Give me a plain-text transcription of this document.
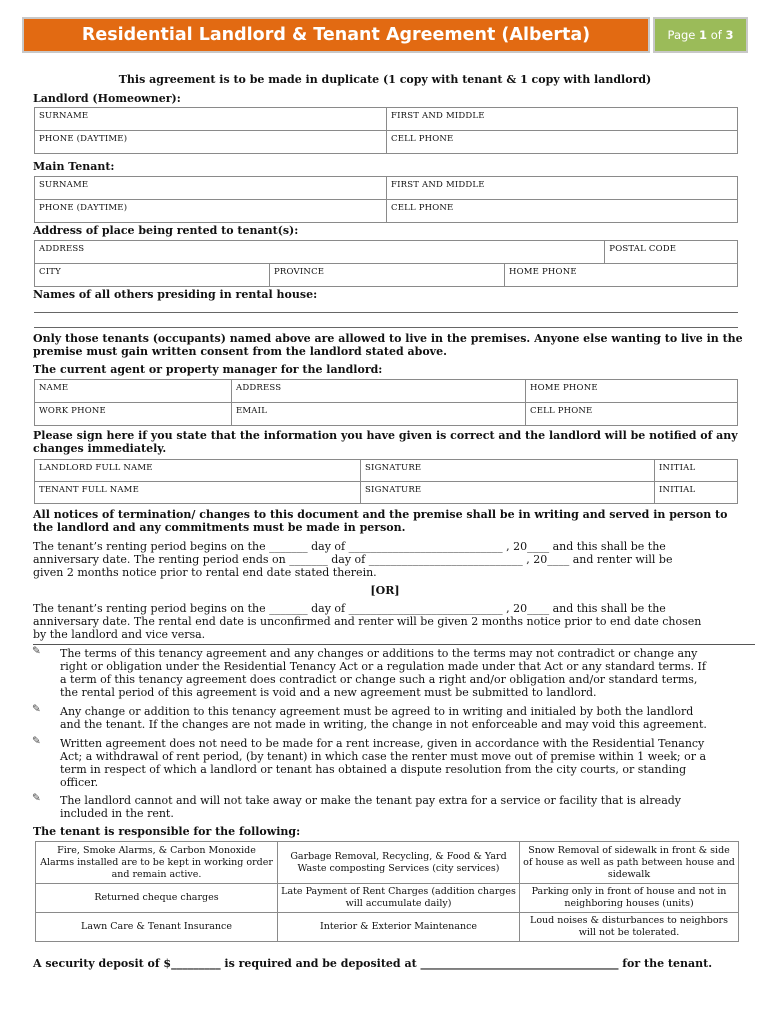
Residential Landlord & Tenant Agreement (Alberta)	Page 1 of 3
This agreement is to be made in duplicate (1 copy with tenant & 1 copy with landlord)
Landlord (Homeowner):
SURNAME	FIRST AND MIDDLE
PHONE (DAYTIME)	CELL PHONE
Main Tenant:
SURNAME	FIRST AND MIDDLE
PHONE (DAYTIME)	CELL PHONE
Address of place being rented to tenant(s):
ADDRESS			POSTAL CODE
CITY	PROVINCE	HOME PHONE	
Names of all others presiding in rental house:
Only those tenants (occupants) named above are allowed to live in the premises. Anyone else wanting to live in the premise must gain written consent from the landlord stated above.
The current agent or property manager for the landlord:
NAME	ADDRESS	HOME PHONE
WORK PHONE	EMAIL	CELL PHONE
Please sign here if you state that the information you have given is correct and the landlord will be notified of any changes immediately.
LANDLORD FULL NAME	SIGNATURE	INITIAL
TENANT FULL NAME	SIGNATURE	INITIAL
All notices of termination/ changes to this document and the premise shall be in writing and served in person to the landlord and any commitments must be made in person.
The tenant’s renting period begins on the _______ day of ____________________________ , 20____ and this shall be the
anniversary date. The renting period ends on _______ day of ____________________________ , 20____ and renter will be
given 2 months notice prior to rental end date stated therein.
[OR]
The tenant’s renting period begins on the _______ day of ____________________________ , 20____ and this shall be the
anniversary date. The rental end date is unconfirmed and renter will be given 2 months notice prior to end date chosen
by the landlord and vice versa.
✎ The terms of this tenancy agreement and any changes or additions to the terms may not contradict or change any
right or obligation under the Residential Tenancy Act or a regulation made under that Act or any standard terms. If
a term of this tenancy agreement does contradict or change such a right and/or obligation and/or standard terms,
the rental period of this agreement is void and a new agreement must be submitted to landlord.
✎ Any change or addition to this tenancy agreement must be agreed to in writing and initialed by both the landlord
and the tenant. If the changes are not made in writing, the change in not enforceable and may void this agreement.
✎ Written agreement does not need to be made for a rent increase, given in accordance with the Residential Tenancy
Act; a withdrawal of rent period, (by tenant) in which case the renter must move out of premise within 1 week; or a
term in respect of which a landlord or tenant has obtained a dispute resolution from the city courts, or standing
officer.
✎ The landlord cannot and will not take away or make the tenant pay extra for a service or facility that is already
included in the rent.
The tenant is responsible for the following:
Fire, Smoke Alarms, & Carbon Monoxide Alarms installed are to be kept in working order and remain active.	Garbage Removal, Recycling, & Food & Yard Waste composting Services (city services)	Snow Removal of sidewalk in front & side of house as well as path between house and sidewalk
Returned cheque charges	Late Payment of Rent Charges (addition charges will accumulate daily)	Parking only in front of house and not in neighboring houses (units)
Lawn Care & Tenant Insurance	Interior & Exterior Maintenance	Loud noises & disturbances to neighbors will not be tolerated.
A security deposit of $_________ is required and be deposited at ____________________________________ for the tenant.
